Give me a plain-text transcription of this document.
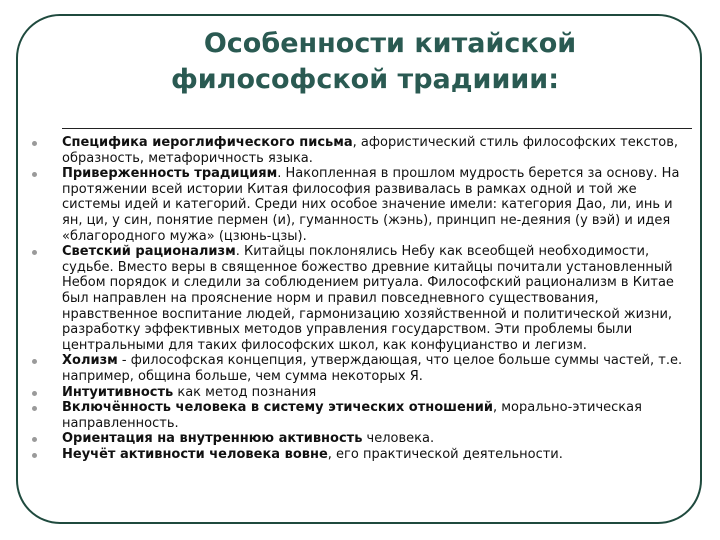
Особенности китайской
философской традииии:
Специфика иероглифического письма, афористический стиль философских текстов, образность, метафоричность языка.
Приверженность традициям. Накопленная в прошлом мудрость берется за основу. На протяжении всей истории Китая философия развивалась в рамках одной и той же системы идей и категорий. Среди них особое значение имели: категория Дао, ли, инь и ян, ци, у син, понятие пермен (и), гуманность (жэнь), принцип не-деяния (у вэй) и идея «благородного мужа» (цзюнь-цзы).
Светский рационализм. Китайцы поклонялись Небу как всеобщей необходимости, судьбе. Вместо веры в священное божество древние китайцы почитали установленный Небом порядок и следили за соблюдением ритуала. Философский рационализм в Китае был направлен на прояснение норм и правил повседневного существования, нравственное воспитание людей, гармонизацию хозяйственной и политической жизни, разработку эффективных методов управления государством. Эти проблемы были центральными для таких философских школ, как конфуцианство и легизм.
Холизм - философская концепция, утверждающая, что целое больше суммы частей, т.е. например, община больше, чем сумма некоторых Я.
Интуитивность как метод познания
Включённость человека в систему этических отношений, морально-этическая направленность.
Ориентация на внутреннюю активность человека.
Неучёт активности человека вовне, его практической деятельности.
